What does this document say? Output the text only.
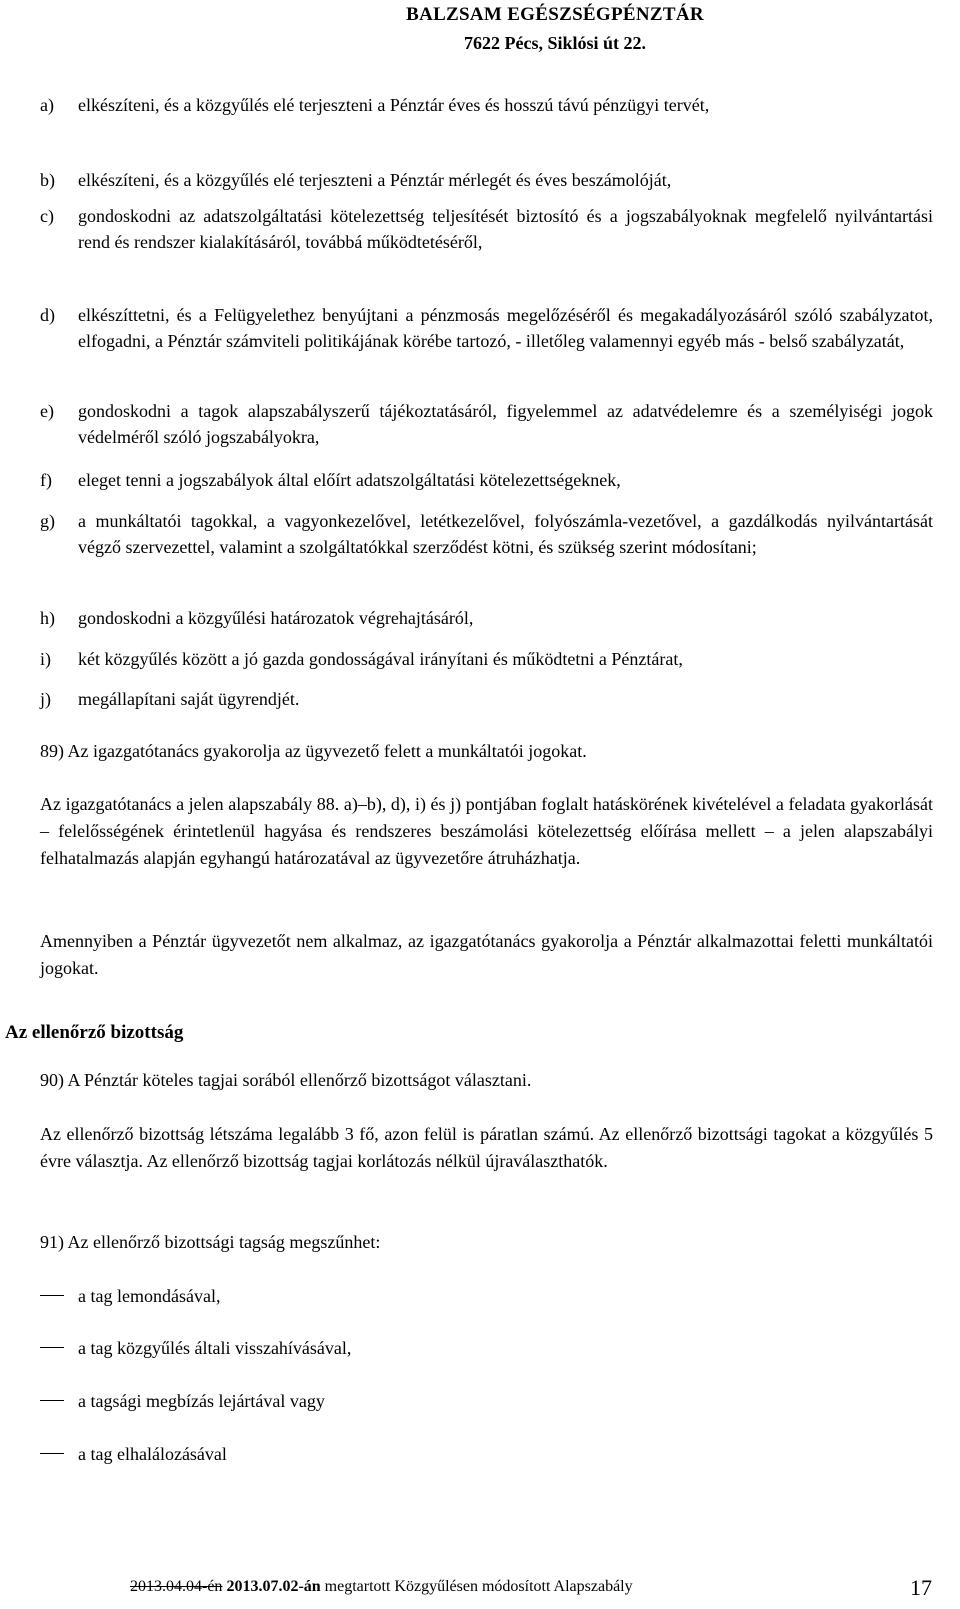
BALZSAM EGÉSZSÉGPÉNZTÁR
7622 Pécs, Siklósi út 22.
a) elkészíteni, és a közgyűlés elé terjeszteni a Pénztár éves és hosszú távú pénzügyi tervét,
b) elkészíteni, és a közgyűlés elé terjeszteni a Pénztár mérlegét és éves beszámolóját,
c) gondoskodni az adatszolgáltatási kötelezettség teljesítését biztosító és a jogszabályoknak megfelelő nyilvántartási rend és rendszer kialakításáról, továbbá működtetéséről,
d) elkészíttetni, és a Felügyelethez benyújtani a pénzmosás megelőzéséről és megakadályozásáról szóló szabályzatot, elfogadni, a Pénztár számviteli politikájának körébe tartozó, - illetőleg valamennyi egyéb más - belső szabályzatát,
e) gondoskodni a tagok alapszabályszerű tájékoztatásáról, figyelemmel az adatvédelemre és a személyiségi jogok védelméről szóló jogszabályokra,
f) eleget tenni a jogszabályok által előírt adatszolgáltatási kötelezettségeknek,
g) a munkáltatói tagokkal, a vagyonkezelővel, letétkezelővel, folyószámla-vezetővel, a gazdálkodás nyilvántartását végző szervezettel, valamint a szolgáltatókkal szerződést kötni, és szükség szerint módosítani;
h) gondoskodni a közgyűlési határozatok végrehajtásáról,
i) két közgyűlés között a jó gazda gondosságával irányítani és működtetni a Pénztárat,
j) megállapítani saját ügyrendjét.
89) Az igazgatótanács gyakorolja az ügyvezető felett a munkáltatói jogokat.
Az igazgatótanács a jelen alapszabály 88. a)–b), d), i) és j) pontjában foglalt hatáskörének kivételével a feladata gyakorlását – felelősségének érintetlenül hagyása és rendszeres beszámolási kötelezettség előírása mellett – a jelen alapszabályi felhatalmazás alapján egyhangú határozatával az ügyvezetőre átruházhatja.
Amennyiben a Pénztár ügyvezetőt nem alkalmaz, az igazgatótanács gyakorolja a Pénztár alkalmazottai feletti munkáltatói jogokat.
Az ellenőrző bizottság
90) A Pénztár köteles tagjai sorából ellenőrző bizottságot választani.
Az ellenőrző bizottság létszáma legalább 3 fő, azon felül is páratlan számú. Az ellenőrző bizottsági tagokat a közgyűlés 5 évre választja. Az ellenőrző bizottság tagjai korlátozás nélkül újraválaszthatók.
91) Az ellenőrző bizottsági tagság megszűnhet:
a tag lemondásával,
a tag közgyűlés általi visszahívásával,
a tagsági megbízás lejártával vagy
a tag elhalálozásával
2013.04.04-én 2013.07.02-án megtartott Közgyűlésen módosított Alapszabály	17
